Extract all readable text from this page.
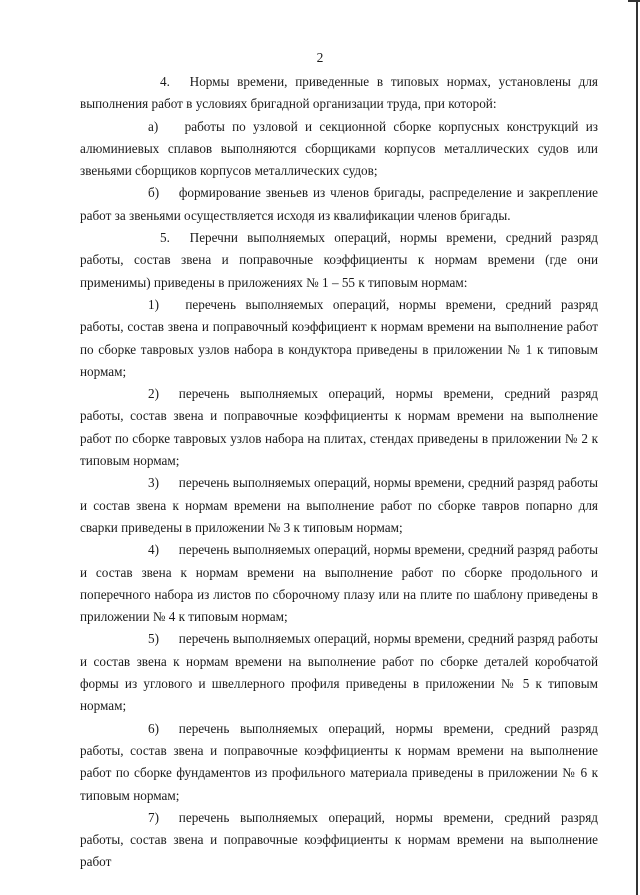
2

4.   Нормы времени, приведенные в типовых нормах, установлены для выполнения работ в условиях бригадной организации труда, при которой:

а)   работы по узловой и секционной сборке корпусных конструкций из алюминиевых сплавов выполняются сборщиками корпусов металлических судов или звеньями сборщиков корпусов металлических судов;

б)   формирование звеньев из членов бригады, распределение и закрепление работ за звеньями осуществляется исходя из квалификации членов бригады.

5.   Перечни выполняемых операций, нормы времени, средний разряд работы, состав звена и поправочные коэффициенты к нормам времени (где они применимы) приведены в приложениях № 1 – 55 к типовым нормам:

1)   перечень выполняемых операций, нормы времени, средний разряд работы, состав звена и поправочный коэффициент к нормам времени на выполнение работ по сборке тавровых узлов набора в кондуктора приведены в приложении № 1 к типовым нормам;

2)   перечень выполняемых операций, нормы времени, средний разряд работы, состав звена и поправочные коэффициенты к нормам времени на выполнение работ по сборке тавровых узлов набора на плитах, стендах приведены в приложении № 2 к типовым нормам;

3)   перечень выполняемых операций, нормы времени, средний разряд работы и состав звена к нормам времени на выполнение работ по сборке тавров попарно для сварки приведены в приложении № 3 к типовым нормам;

4)   перечень выполняемых операций, нормы времени, средний разряд работы и состав звена к нормам времени на выполнение работ по сборке продольного и поперечного набора из листов по сборочному плазу или на плите по шаблону приведены в приложении № 4 к типовым нормам;

5)   перечень выполняемых операций, нормы времени, средний разряд работы и состав звена к нормам времени на выполнение работ по сборке деталей коробчатой формы из углового и швеллерного профиля приведены в приложении № 5 к типовым нормам;

6)   перечень выполняемых операций, нормы времени, средний разряд работы, состав звена и поправочные коэффициенты к нормам времени на выполнение работ по сборке фундаментов из профильного материала приведены в приложении № 6 к типовым нормам;

7)   перечень выполняемых операций, нормы времени, средний разряд работы, состав звена и поправочные коэффициенты к нормам времени на выполнение работ
